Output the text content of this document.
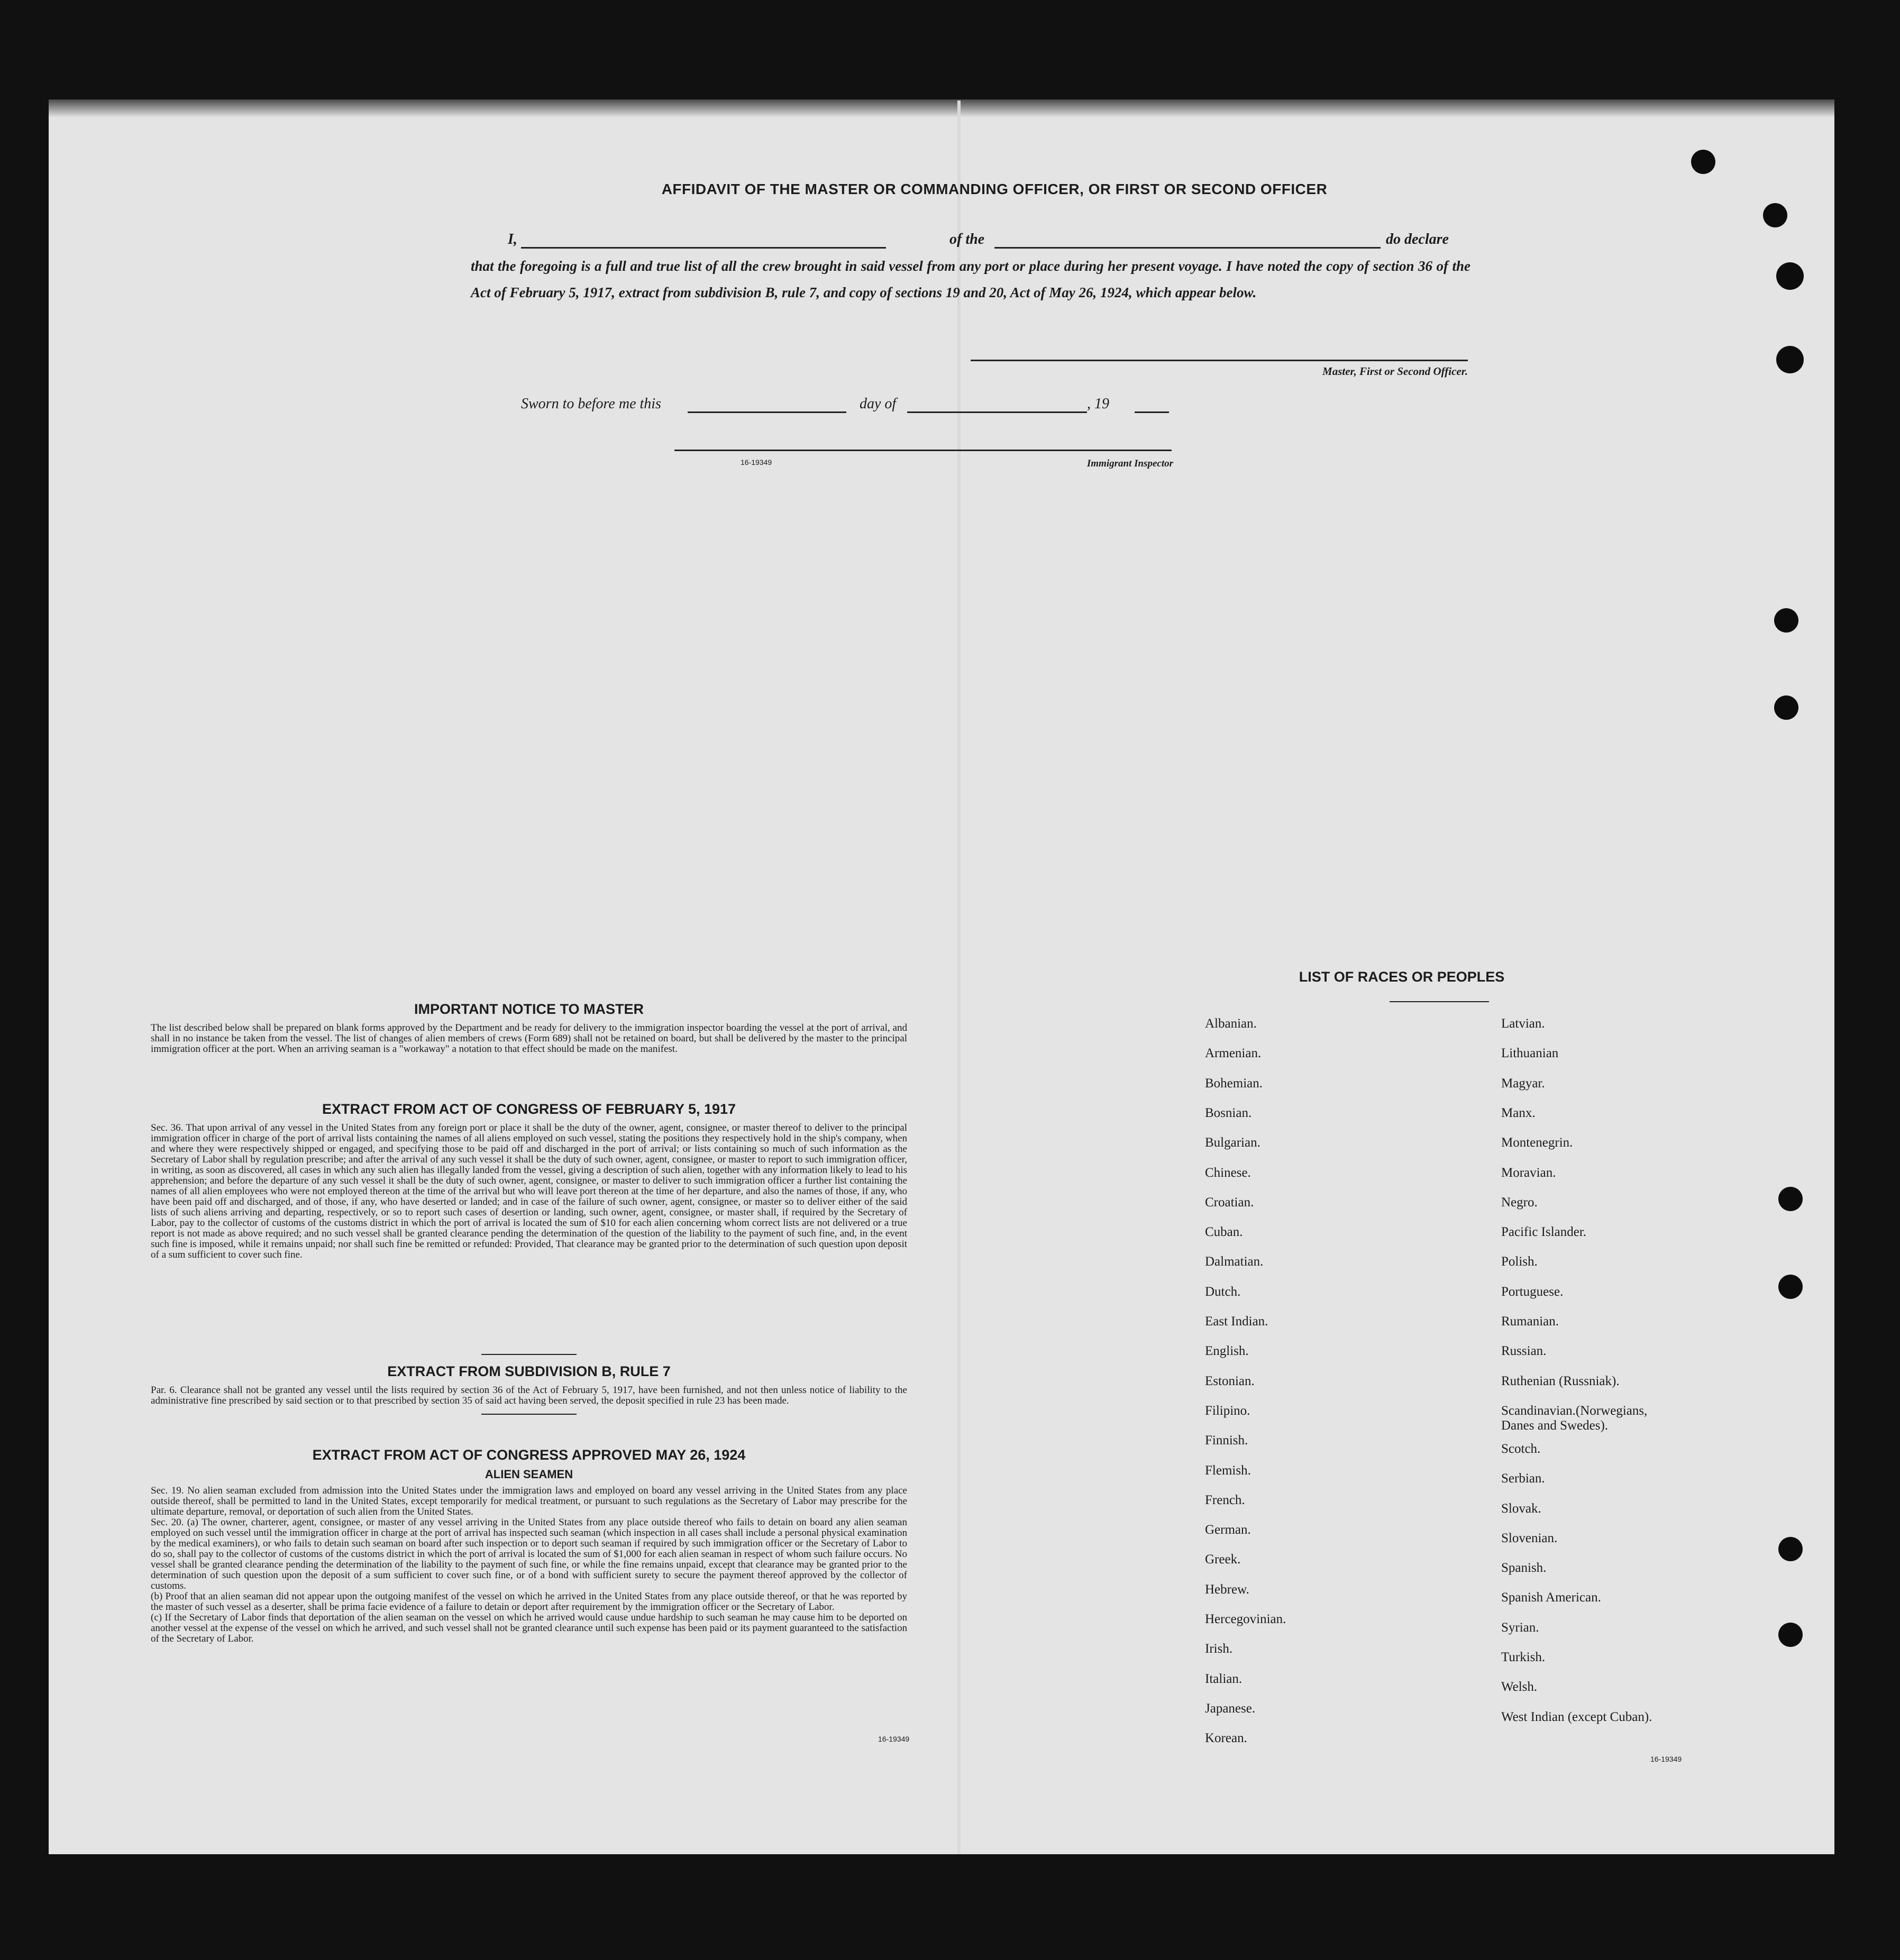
AFFIDAVIT OF THE MASTER OR COMMANDING OFFICER, OR FIRST OR SECOND OFFICER
I,	of the	do declare
that the foregoing is a full and true list of all the crew brought in said vessel from any port or place during her present voyage. I have noted the copy of section 36 of the Act of February 5, 1917, extract from subdivision B, rule 7, and copy of sections 19 and 20, Act of May 26, 1924, which appear below.
Master, First or Second Officer.
Sworn to before me this	day of	, 19
16-19349	Immigrant Inspector
IMPORTANT NOTICE TO MASTER

The list described below shall be prepared on blank forms approved by the Department and be ready for delivery to the immigration inspector boarding the vessel at the port of arrival, and shall in no instance be taken from the vessel. The list of changes of alien members of crews (Form 689) shall not be retained on board, but shall be delivered by the master to the principal immigration officer at the port. When an arriving seaman is a "workaway" a notation to that effect should be made on the manifest.

EXTRACT FROM ACT OF CONGRESS OF FEBRUARY 5, 1917

Sec. 36. That upon arrival of any vessel in the United States from any foreign port or place it shall be the duty of the owner, agent, consignee, or master thereof to deliver to the principal immigration officer in charge of the port of arrival lists containing the names of all aliens employed on such vessel, stating the positions they respectively hold in the ship's company, when and where they were respectively shipped or engaged, and specifying those to be paid off and discharged in the port of arrival; or lists containing so much of such information as the Secretary of Labor shall by regulation prescribe; and after the arrival of any such vessel it shall be the duty of such owner, agent, consignee, or master to report to such immigration officer, in writing, as soon as discovered, all cases in which any such alien has illegally landed from the vessel, giving a description of such alien, together with any information likely to lead to his apprehension; and before the departure of any such vessel it shall be the duty of such owner, agent, consignee, or master to deliver to such immigration officer a further list containing the names of all alien employees who were not employed thereon at the time of the arrival but who will leave port thereon at the time of her departure, and also the names of those, if any, who have been paid off and discharged, and of those, if any, who have deserted or landed; and in case of the failure of such owner, agent, consignee, or master so to deliver either of the said lists of such aliens arriving and departing, respectively, or so to report such cases of desertion or landing, such owner, agent, consignee, or master shall, if required by the Secretary of Labor, pay to the collector of customs of the customs district in which the port of arrival is located the sum of $10 for each alien concerning whom correct lists are not delivered or a true report is not made as above required; and no such vessel shall be granted clearance pending the determination of the question of the liability to the payment of such fine, and, in the event such fine is imposed, while it remains unpaid; nor shall such fine be remitted or refunded: Provided, That clearance may be granted prior to the determination of such question upon deposit of a sum sufficient to cover such fine.

EXTRACT FROM SUBDIVISION B, RULE 7

Par. 6. Clearance shall not be granted any vessel until the lists required by section 36 of the Act of February 5, 1917, have been furnished, and not then unless notice of liability to the administrative fine prescribed by said section or to that prescribed by section 35 of said act having been served, the deposit specified in rule 23 has been made.

EXTRACT FROM ACT OF CONGRESS APPROVED MAY 26, 1924
ALIEN SEAMEN

Sec. 19. No alien seaman excluded from admission into the United States under the immigration laws and employed on board any vessel arriving in the United States from any place outside thereof, shall be permitted to land in the United States, except temporarily for medical treatment, or pursuant to such regulations as the Secretary of Labor may prescribe for the ultimate departure, removal, or deportation of such alien from the United States.

Sec. 20. (a) The owner, charterer, agent, consignee, or master of any vessel arriving in the United States from any place outside thereof who fails to detain on board any alien seaman employed on such vessel until the immigration officer in charge at the port of arrival has inspected such seaman (which inspection in all cases shall include a personal physical examination by the medical examiners), or who fails to detain such seaman on board after such inspection or to deport such seaman if required by such immigration officer or the Secretary of Labor to do so, shall pay to the collector of customs of the customs district in which the port of arrival is located the sum of $1,000 for each alien seaman in respect of whom such failure occurs. No vessel shall be granted clearance pending the determination of the liability to the payment of such fine, or while the fine remains unpaid, except that clearance may be granted prior to the determination of such question upon the deposit of a sum sufficient to cover such fine, or of a bond with sufficient surety to secure the payment thereof approved by the collector of customs.

(b) Proof that an alien seaman did not appear upon the outgoing manifest of the vessel on which he arrived in the United States from any place outside thereof, or that he was reported by the master of such vessel as a deserter, shall be prima facie evidence of a failure to detain or deport after requirement by the immigration officer or the Secretary of Labor.

(c) If the Secretary of Labor finds that deportation of the alien seaman on the vessel on which he arrived would cause undue hardship to such seaman he may cause him to be deported on another vessel at the expense of the vessel on which he arrived, and such vessel shall not be granted clearance until such expense has been paid or its payment guaranteed to the satisfaction of the Secretary of Labor.

16-19349
LIST OF RACES OR PEOPLES
Albanian.
Armenian.
Bohemian.
Bosnian.
Bulgarian.
Chinese.
Croatian.
Cuban.
Dalmatian.
Dutch.
East Indian.
English.
Estonian.
Filipino.
Finnish.
Flemish.
French.
German.
Greek.
Hebrew.
Hercegovinian.
Irish.
Italian.
Japanese.
Korean.
Latvian.
Lithuanian
Magyar.
Manx.
Montenegrin.
Moravian.
Negro.
Pacific Islander.
Polish.
Portuguese.
Rumanian.
Russian.
Ruthenian (Russniak).
Scandinavian.(Norwegians,
Danes and Swedes).
Scotch.
Serbian.
Slovak.
Slovenian.
Spanish.
Spanish American.
Syrian.
Turkish.
Welsh.
West Indian (except Cuban).
16-19349
